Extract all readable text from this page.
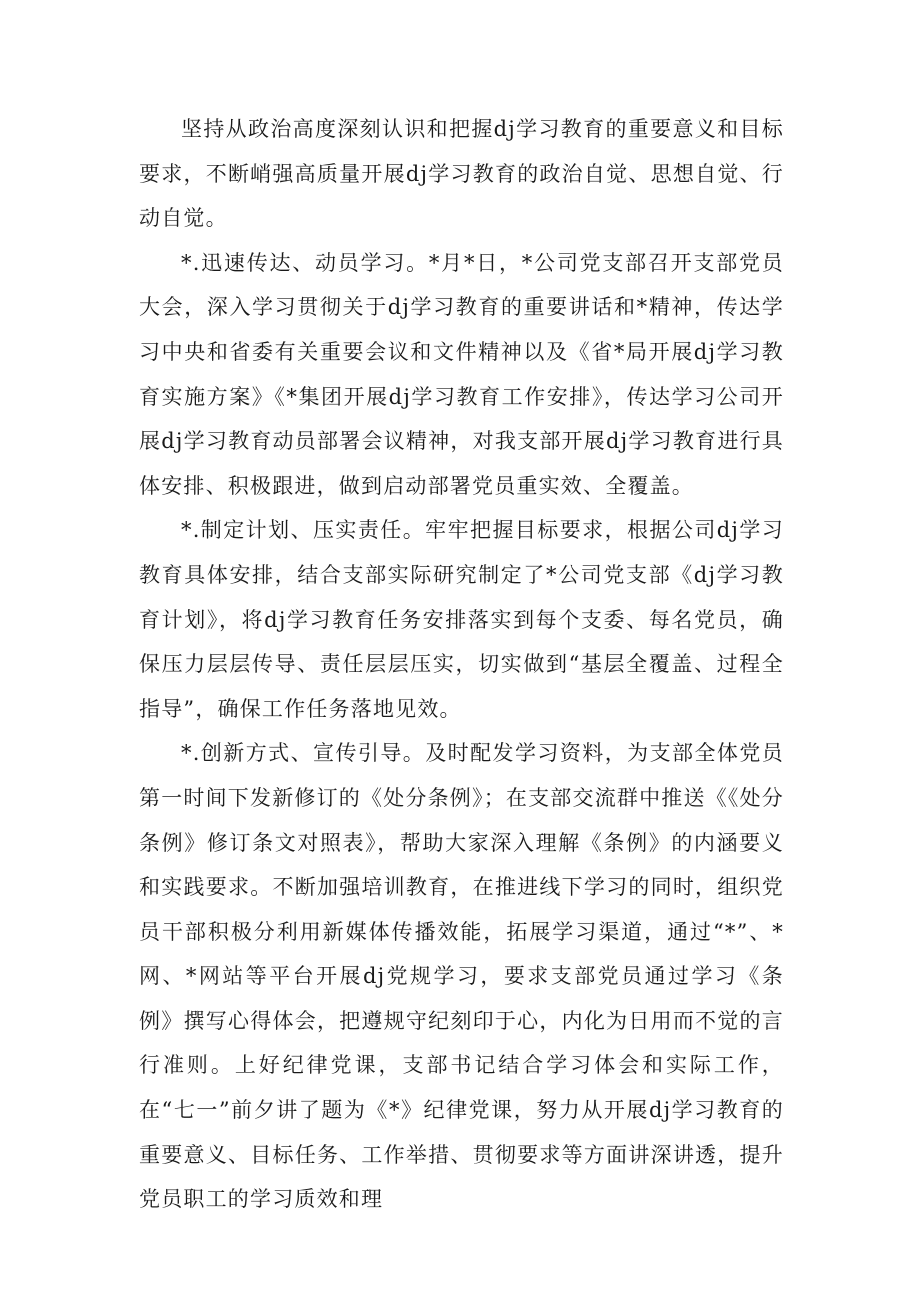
坚持从政治高度深刻认识和把握dj学习教育的重要意义和目标要求，不断峭强高质量开展dj学习教育的政治自觉、思想自觉、行动自觉。

*.迅速传达、动员学习。*月*日，*公司党支部召开支部党员大会，深入学习贯彻关于dj学习教育的重要讲话和*精神，传达学习中央和省委有关重要会议和文件精神以及《省*局开展dj学习教育实施方案》《*集团开展dj学习教育工作安排》，传达学习公司开展dj学习教育动员部署会议精神，对我支部开展dj学习教育进行具体安排、积极跟进，做到启动部署党员重实效、全覆盖。

*.制定计划、压实责任。牢牢把握目标要求，根据公司dj学习教育具体安排，结合支部实际研究制定了*公司党支部《dj学习教育计划》，将dj学习教育任务安排落实到每个支委、每名党员，确保压力层层传导、责任层层压实，切实做到“基层全覆盖、过程全指导”，确保工作任务落地见效。

*.创新方式、宣传引导。及时配发学习资料，为支部全体党员第一时间下发新修订的《处分条例》；在支部交流群中推送《《处分条例》修订条文对照表》，帮助大家深入理解《条例》的内涵要义和实践要求。不断加强培训教育，在推进线下学习的同时，组织党员干部积极分利用新媒体传播效能，拓展学习渠道，通过“*”、*网、*网站等平台开展dj党规学习，要求支部党员通过学习《条例》撰写心得体会，把遵规守纪刻印于心，内化为日用而不觉的言行准则。上好纪律党课，支部书记结合学习体会和实际工作，在“七一”前夕讲了题为《*》纪律党课，努力从开展dj学习教育的重要意义、目标任务、工作举措、贯彻要求等方面讲深讲透，提升党员职工的学习质效和理
